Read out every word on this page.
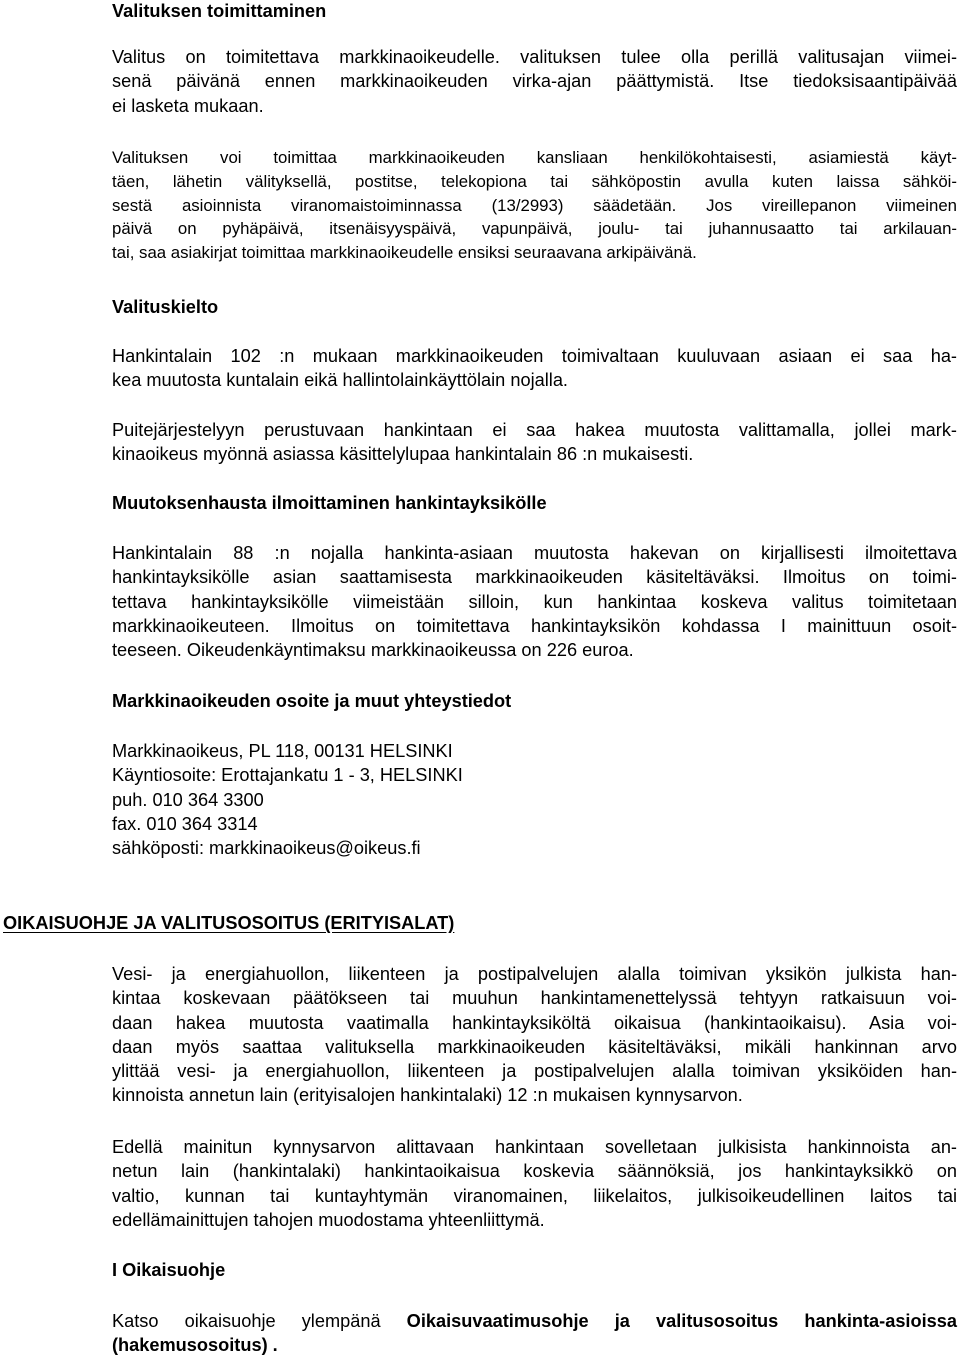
Valituksen toimittaminen
Valitus on toimitettava markkinaoikeudelle. valituksen tulee olla perillä valitusajan viimei-
senä päivänä ennen markkinaoikeuden virka-ajan päättymistä. Itse tiedoksisaantipäivää
ei lasketa mukaan.
Valituksen voi toimittaa markkinaoikeuden kansliaan henkilökohtaisesti, asiamiestä käyt-
täen, lähetin välityksellä, postitse, telekopiona tai sähköpostin avulla kuten laissa sähköi-
sestä asioinnista viranomaistoiminnassa (13/2993) säädetään. Jos vireillepanon viimeinen
päivä on pyhäpäivä, itsenäisyyspäivä, vapunpäivä, joulu- tai juhannusaatto tai arkilauan-
tai, saa asiakirjat toimittaa markkinaoikeudelle ensiksi seuraavana arkipäivänä.
Valituskielto
Hankintalain 102 :n mukaan markkinaoikeuden toimivaltaan kuuluvaan asiaan ei saa ha-
kea muutosta kuntalain eikä hallintolainkäyttölain nojalla.
Puitejärjestelyyn perustuvaan hankintaan ei saa hakea muutosta valittamalla, jollei mark-
kinaoikeus myönnä asiassa käsittelylupaa hankintalain 86 :n mukaisesti.
Muutoksenhausta ilmoittaminen hankintayksikölle
Hankintalain 88 :n nojalla hankinta-asiaan muutosta hakevan on kirjallisesti ilmoitettava
hankintayksikölle asian saattamisesta markkinaoikeuden käsiteltäväksi. Ilmoitus on toimi-
tettava hankintayksikölle viimeistään silloin, kun hankintaa koskeva valitus toimitetaan
markkinaoikeuteen. Ilmoitus on toimitettava hankintayksikön kohdassa I mainittuun osoit-
teeseen. Oikeudenkäyntimaksu markkinaoikeussa on 226 euroa.
Markkinaoikeuden osoite ja muut yhteystiedot
Markkinaoikeus, PL 118, 00131 HELSINKI
Käyntiosoite: Erottajankatu 1 - 3, HELSINKI
puh. 010 364 3300
fax. 010 364 3314
sähköposti: markkinaoikeus@oikeus.fi
OIKAISUOHJE JA VALITUSOSOITUS (ERITYISALAT)
Vesi- ja energiahuollon, liikenteen ja postipalvelujen alalla toimivan yksikön julkista han-
kintaa koskevaan päätökseen tai muuhun hankintamenettelyssä tehtyyn ratkaisuun voi-
daan hakea muutosta vaatimalla hankintayksiköltä oikaisua (hankintaoikaisu). Asia voi-
daan myös saattaa valituksella markkinaoikeuden käsiteltäväksi, mikäli hankinnan arvo
ylittää vesi- ja energiahuollon, liikenteen ja postipalvelujen alalla toimivan yksiköiden han-
kinnoista annetun lain (erityisalojen hankintalaki) 12 :n mukaisen kynnysarvon.
Edellä mainitun kynnysarvon alittavaan hankintaan sovelletaan julkisista hankinnoista an-
netun lain (hankintalaki) hankintaoikaisua koskevia säännöksiä, jos hankintayksikkö on
valtio, kunnan tai kuntayhtymän viranomainen, liikelaitos, julkisoikeudellinen laitos tai
edellämainittujen tahojen muodostama yhteenliittymä.
I Oikaisuohje
Katso oikaisuohje ylempänä Oikaisuvaatimusohje ja valitusosoitus hankinta-asioissa
(hakemusosoitus) .
